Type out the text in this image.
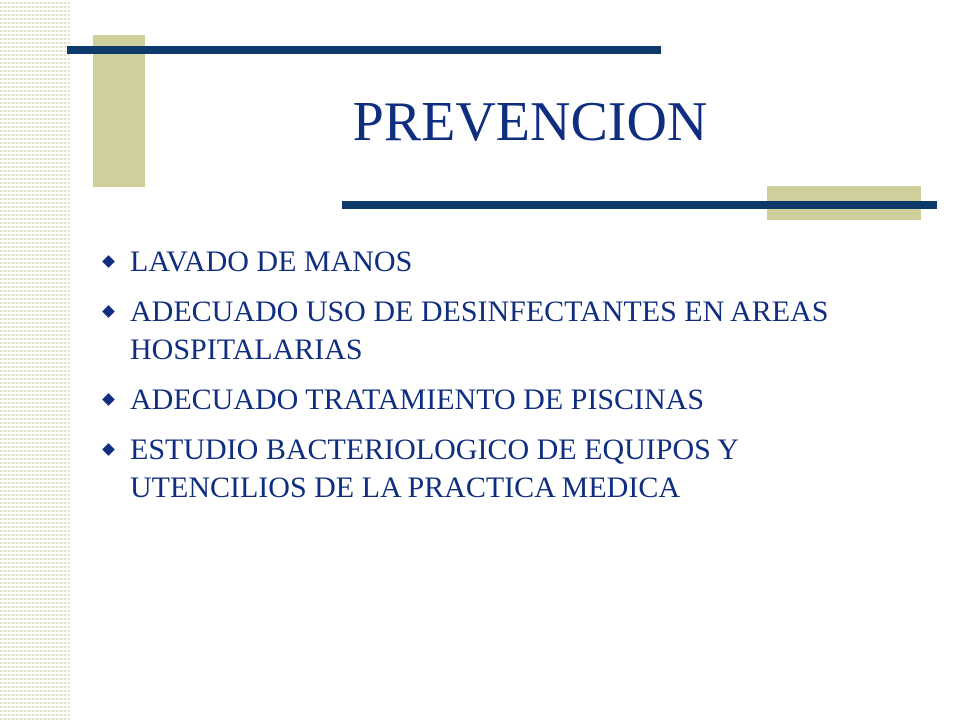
PREVENCION
LAVADO DE MANOS
ADECUADO USO DE DESINFECTANTES EN AREAS HOSPITALARIAS
ADECUADO TRATAMIENTO DE PISCINAS
ESTUDIO BACTERIOLOGICO DE EQUIPOS Y UTENCILIOS DE LA PRACTICA MEDICA
